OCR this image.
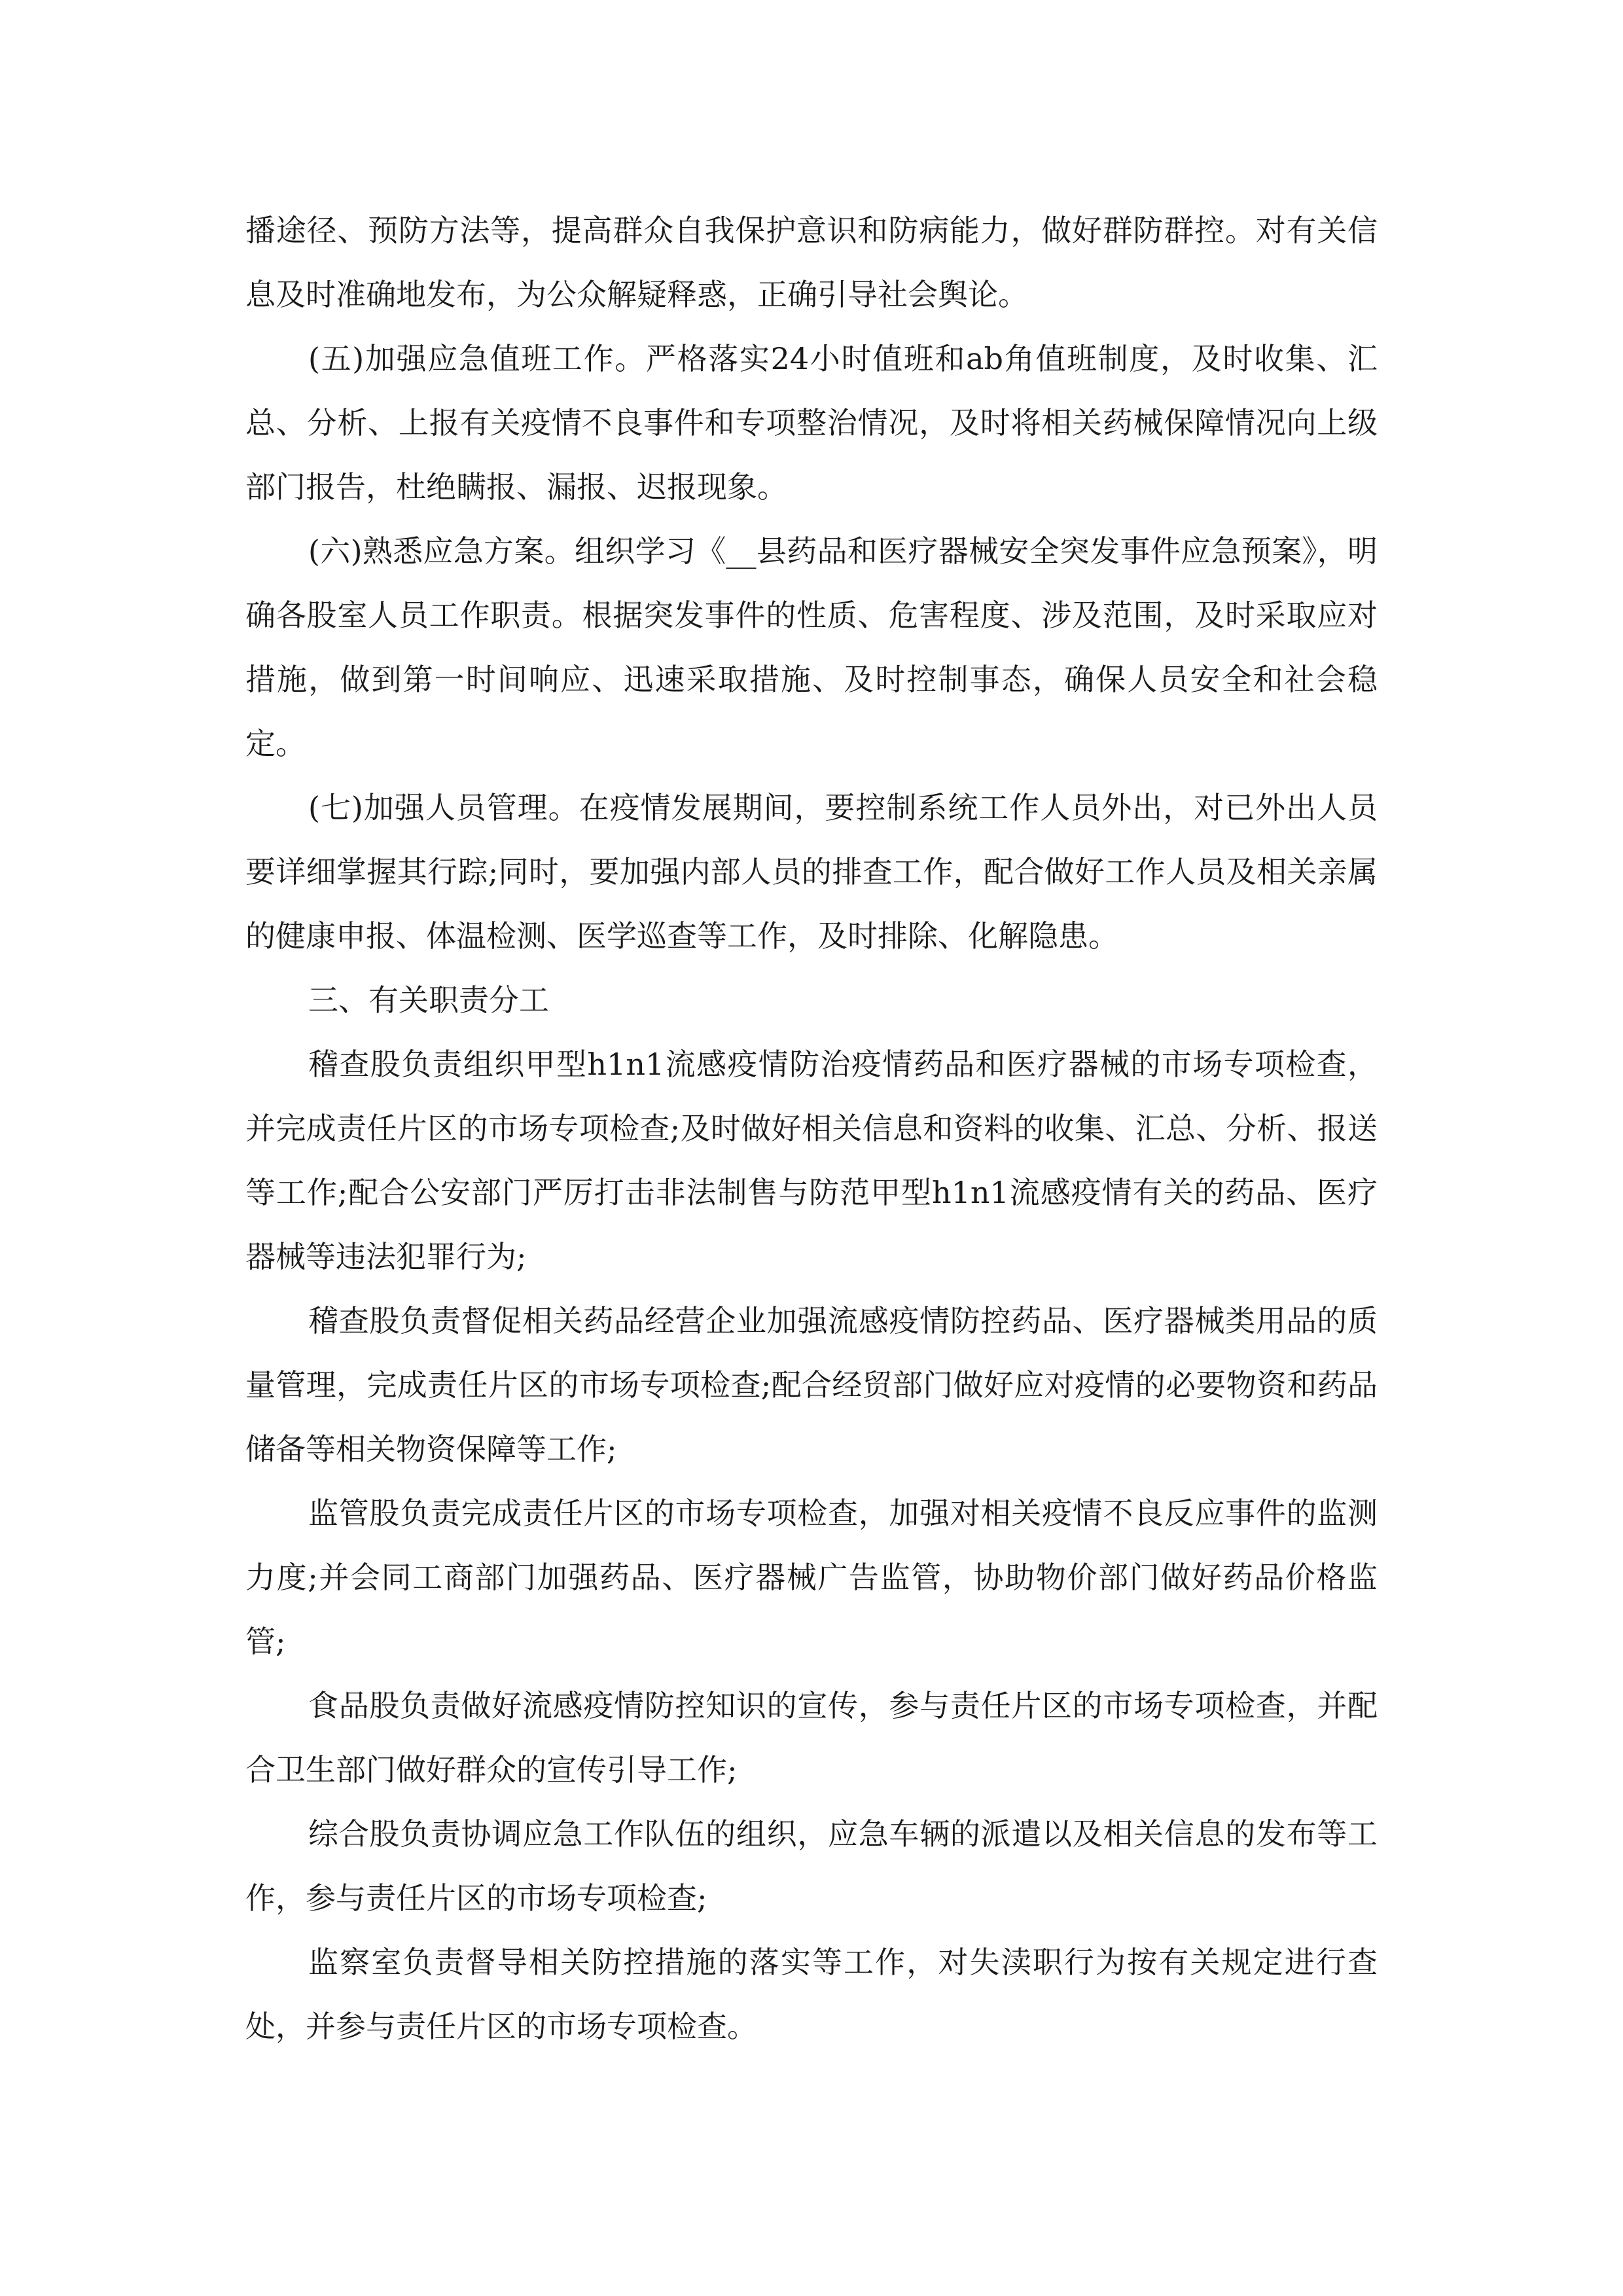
播途径、预防方法等，提高群众自我保护意识和防病能力，做好群防群控。对有关信息及时准确地发布，为公众解疑释惑，正确引导社会舆论。

(五)加强应急值班工作。严格落实24小时值班和ab角值班制度，及时收集、汇总、分析、上报有关疫情不良事件和专项整治情况，及时将相关药械保障情况向上级部门报告，杜绝瞒报、漏报、迟报现象。

(六)熟悉应急方案。组织学习《__县药品和医疗器械安全突发事件应急预案》，明确各股室人员工作职责。根据突发事件的性质、危害程度、涉及范围，及时采取应对措施，做到第一时间响应、迅速采取措施、及时控制事态，确保人员安全和社会稳定。

(七)加强人员管理。在疫情发展期间，要控制系统工作人员外出，对已外出人员要详细掌握其行踪;同时，要加强内部人员的排查工作，配合做好工作人员及相关亲属的健康申报、体温检测、医学巡查等工作，及时排除、化解隐患。

三、有关职责分工

稽查股负责组织甲型h1n1流感疫情防治疫情药品和医疗器械的市场专项检查，并完成责任片区的市场专项检查;及时做好相关信息和资料的收集、汇总、分析、报送等工作;配合公安部门严厉打击非法制售与防范甲型h1n1流感疫情有关的药品、医疗器械等违法犯罪行为;

稽查股负责督促相关药品经营企业加强流感疫情防控药品、医疗器械类用品的质量管理，完成责任片区的市场专项检查;配合经贸部门做好应对疫情的必要物资和药品储备等相关物资保障等工作;

监管股负责完成责任片区的市场专项检查，加强对相关疫情不良反应事件的监测力度;并会同工商部门加强药品、医疗器械广告监管，协助物价部门做好药品价格监管;

食品股负责做好流感疫情防控知识的宣传，参与责任片区的市场专项检查，并配合卫生部门做好群众的宣传引导工作;

综合股负责协调应急工作队伍的组织，应急车辆的派遣以及相关信息的发布等工作，参与责任片区的市场专项检查;

监察室负责督导相关防控措施的落实等工作，对失渎职行为按有关规定进行查处，并参与责任片区的市场专项检查。
